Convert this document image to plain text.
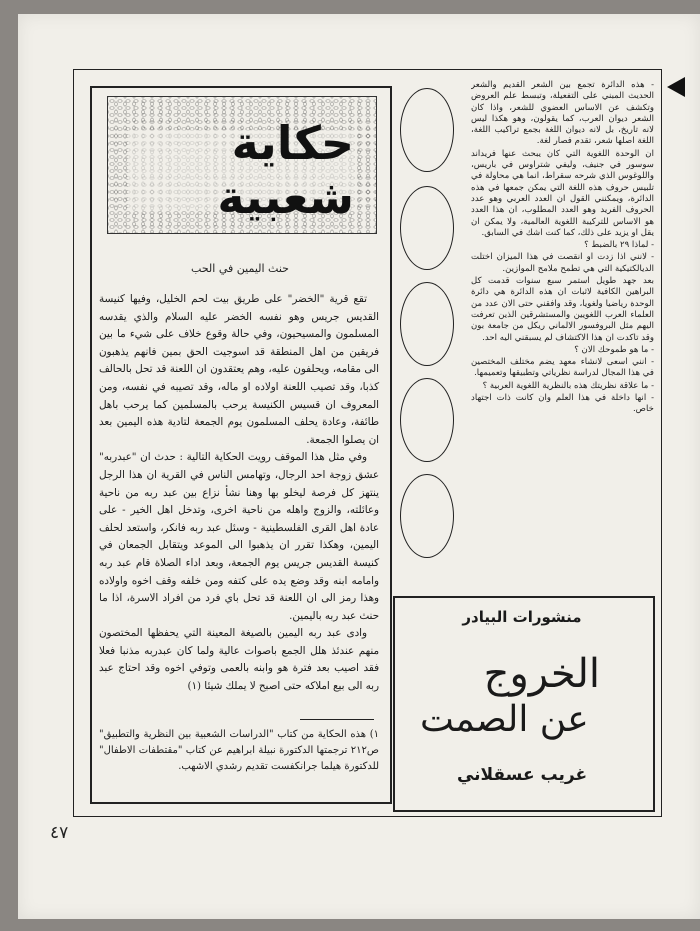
حكاية شعبية
حنث اليمين في الحب

تقع قرية "الخضر" على طريق بيت لحم الخليل، وفيها كنيسة القديس جريس وهو نفسه الخضر عليه السلام والذي يقدسه المسلمون والمسيحيون، وفي حالة وقوع خلاف على شيء ما بين فريقين من اهل المنطقة قد اسوجيت الحق بمين فانهم يذهبون الى مقامه، ويحلفون عليه، وهم يعتقدون ان اللعنة قد تحل بالحالف كذبا، وقد تصيب اللعنة اولاده او ماله، وقد تصيبه في نفسه، ومن المعروف ان قسيس الكنيسة يرحب بالمسلمين كما يرحب باهل طائفة، وعادة يحلف المسلمون يوم الجمعة لتادية هذه اليمين بعد ان يصلوا الجمعة.

وفي مثل هذا الموقف رويت الحكاية التالية : حدث ان "عبدربه" عشق زوجة احد الرجال، وتهامس الناس في القرية ان هذا الرجل ينتهز كل فرصة ليخلو بها وهنا نشأ نزاع بين عبد ربه من ناحية وعائلته، والزوج واهله من ناحية اخرى، وتدخل اهل الخير - على عادة اهل القرى الفلسطينية - وسئل عبد ربه فانكر، واستعد لحلف اليمين، وهكذا تقرر ان يذهبوا الى الموعد ويتقابل الجمعان في كنيسة القديس جريس يوم الجمعة، وبعد اداء الصلاة قام عبد ربه وامامه ابنه وقد وضع يده على كتفه ومن خلفه وقف اخوه واولاده وهذا رمز الى ان اللعنة قد تحل باي فرد من افراد الاسرة، اذا ما حنث عبد ربه باليمين.

وادى عبد ربه اليمين بالصيغة المعينة التي يحفظها المختصون منهم عندئذ هلل الجمع باصوات عالية ولما كان عبدربه مذنبا فعلا فقد اصيب بعد فترة هو وابنه بالعمى وتوفي اخوه وقد احتاج عبد ربه الى بيع املاكه حتى اصبح لا يملك شيئا (١)

١) هذه الحكاية من كتاب "الدراسات الشعبية بين النظرية والتطبيق" ص٢١٢ ترجمتها الدكتورة نبيلة ابراهيم عن كتاب "مقتطفات الاطفال" للدكتورة هيلما جرانكفست تقديم رشدي الاشهب.

- هذه الدائرة تجمع بين الشعر القديم والشعر الحديث المبني على التفعيلة، وتبسط علم العروض وتكشف عن الاساس العضوي للشعر، واذا كان الشعر ديوان العرب، كما يقولون، وهو هكذا ليس لانه تاريخ، بل لانه ديوان اللغة بجمع تراكيب اللغة، اللغة اصلها شعر، تقدم فصار لغة.

ان الوحدة اللغوية التي كان يبحث عنها فريداند سوسور في جنيف، وليفي شتراوس في باريس، واللوغوس الذي شرحه سقراط، انما هي محاولة في تلبيس حروف هذه اللغة التي يمكن جمعها في هذه الدائرة، ويمكنني القول ان العدد العربي وهو عدد الحروف الفريد وهو العدد المطلوب، ان هذا العدد هو الاساس للتركيبة اللغوية العالمية، ولا يمكن ان يقل او يزيد على ذلك، كما كنت اشك في السابق.

- لماذا ٢٩ بالضبط ؟

- لانني اذا زدت او انقصت في هذا الميزان اختلت الديالكتيكية التي هي تطمح ملامح الموازين.

بعد جهد طويل استمر سبع سنوات قدمت كل البراهين الكافية لاثبات ان هذه الدائرة هي دائرة الوحدة رياضيا ولغويا، وقد وافقني حتى الان عدد من العلماء العرب اللغويين والمستشرقين الذين تعرفت اليهم مثل البروفسور الالماني ريكل من جامعة بون وقد تاكدت ان هذا الاكتشاف لم يسبقني اليه احد.

- ما هو طموحك الان ؟

- انني اسعى لانشاء معهد يضم مختلف المختصين في هذا المجال لدراسة نظرياتي وتطبيقها وتعميمها.

- ما علاقة نظريتك هذه بالنظرية اللغوية العربية ؟

- انها داخلة في هذا العلم وان كانت ذات اجتهاد خاص.

منشورات البيادر
الخروج
عن الصمت
غريب عسقلاني
٤٧
